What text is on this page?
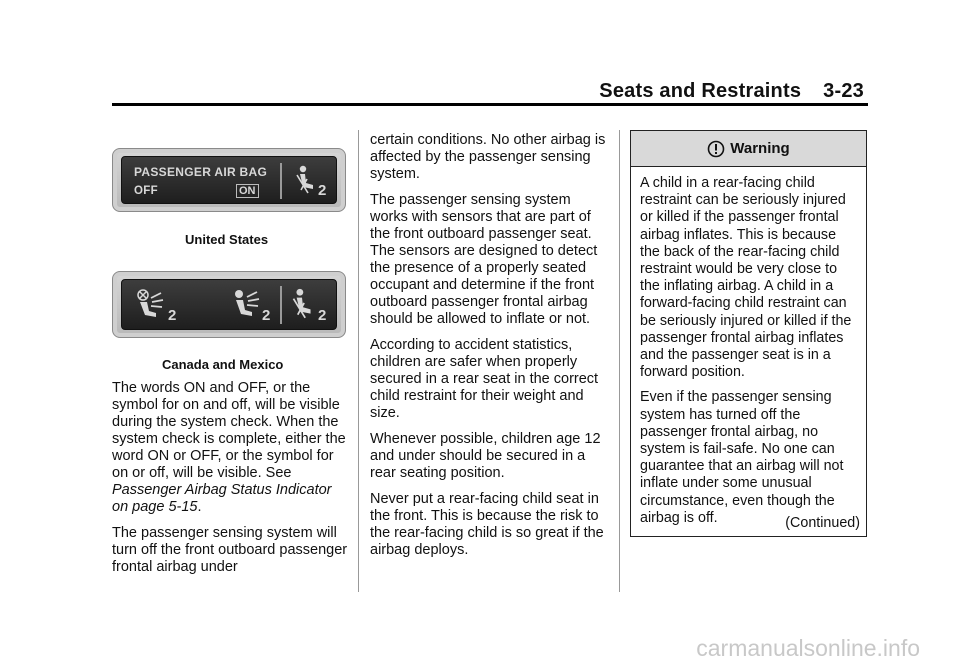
Seats and Restraints 3-23
PASSENGER AIR BAG
OFF	ON	2
United States
2	2	2
Canada and Mexico

The words ON and OFF, or the symbol for on and off, will be visible during the system check. When the system check is complete, either the word ON or OFF, or the symbol for on or off, will be visible. See Passenger Airbag Status Indicator on page 5-15.

The passenger sensing system will turn off the front outboard passenger frontal airbag under

certain conditions. No other airbag is affected by the passenger sensing system.

The passenger sensing system works with sensors that are part of the front outboard passenger seat. The sensors are designed to detect the presence of a properly seated occupant and determine if the front outboard passenger frontal airbag should be allowed to inflate or not.

According to accident statistics, children are safer when properly secured in a rear seat in the correct child restraint for their weight and size.

Whenever possible, children age 12 and under should be secured in a rear seating position.

Never put a rear-facing child seat in the front. This is because the risk to the rear-facing child is so great if the airbag deploys.

Warning

A child in a rear-facing child restraint can be seriously injured or killed if the passenger frontal airbag inflates. This is because the back of the rear-facing child restraint would be very close to the inflating airbag. A child in a forward-facing child restraint can be seriously injured or killed if the passenger frontal airbag inflates and the passenger seat is in a forward position.

Even if the passenger sensing system has turned off the passenger frontal airbag, no system is fail-safe. No one can guarantee that an airbag will not inflate under some unusual circumstance, even though the airbag is off.	(Continued)
carmanualsonline.info
